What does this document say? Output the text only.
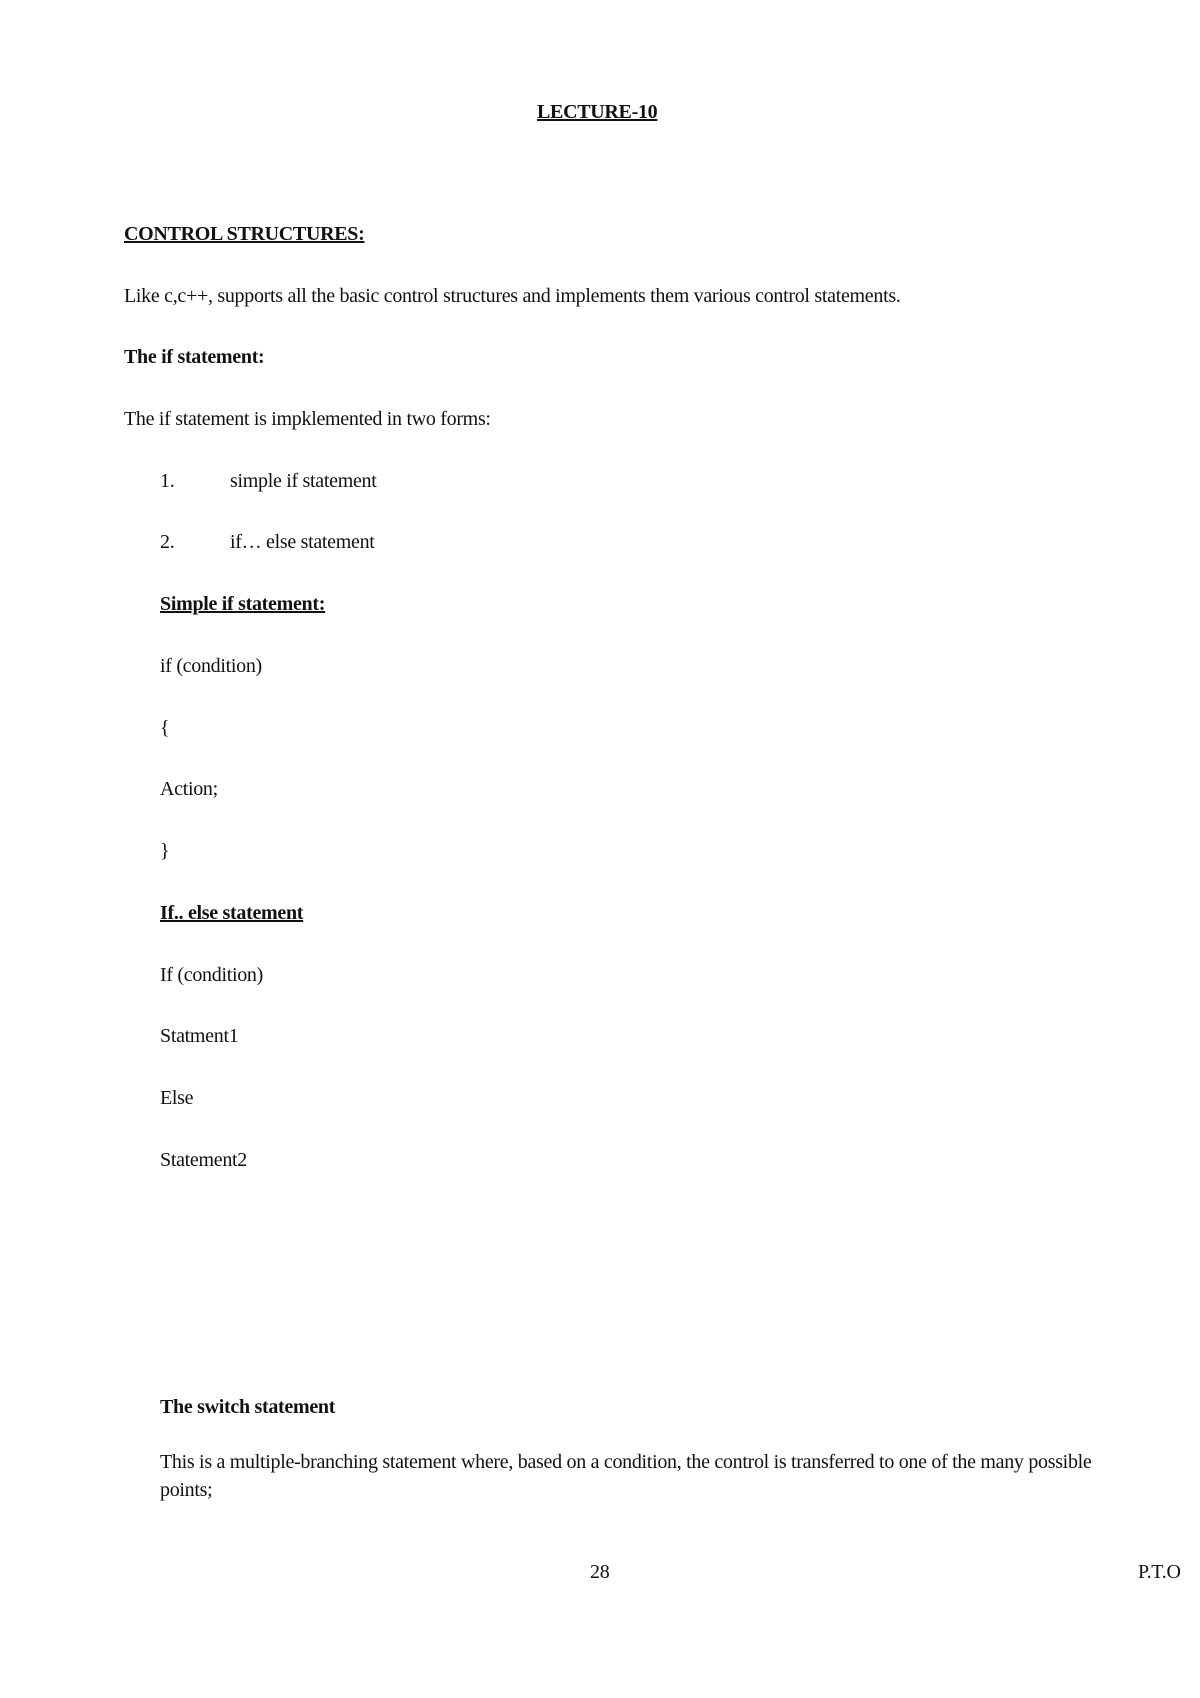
LECTURE-10
CONTROL STRUCTURES:
Like c,c++, supports all the basic control structures and implements them various control statements.
The if statement:
The if statement is impklemented in two forms:
1.	simple if statement
2.	if… else statement
Simple if statement:
if (condition)
{
Action;
}
If.. else statement
If (condition)
Statment1
Else
Statement2
The switch statement
This is a multiple-branching statement where, based on a condition, the control is transferred to one of the many possible points;
28	P.T.O
